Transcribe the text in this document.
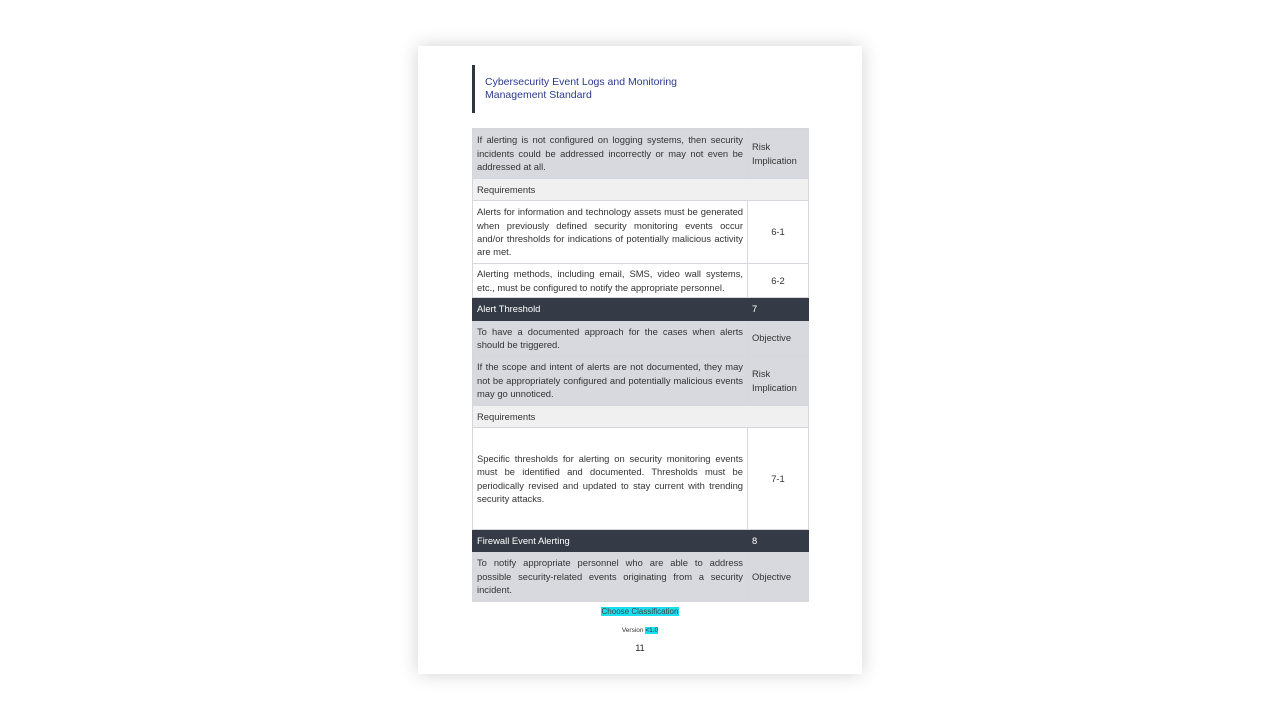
Cybersecurity Event Logs and Monitoring
Management Standard
If alerting is not configured on logging systems, then security incidents could be addressed incorrectly or may not even be addressed at all.	Risk Implication
Requirements	
Alerts for information and technology assets must be generated when previously defined security monitoring events occur and/or thresholds for indications of potentially malicious activity are met.	6-1
Alerting methods, including email, SMS, video wall systems, etc., must be configured to notify the appropriate personnel.	6-2
Alert Threshold	7
To have a documented approach for the cases when alerts should be triggered.	Objective
If the scope and intent of alerts are not documented, they may not be appropriately configured and potentially malicious events may go unnoticed.	Risk Implication
Requirements	
Specific thresholds for alerting on security monitoring events must be identified and documented. Thresholds must be periodically revised and updated to stay current with trending security attacks.	7-1
Firewall Event Alerting	8
To notify appropriate personnel who are able to address possible security-related events originating from a security incident.	Objective
Choose Classification
Version <1.0
11
